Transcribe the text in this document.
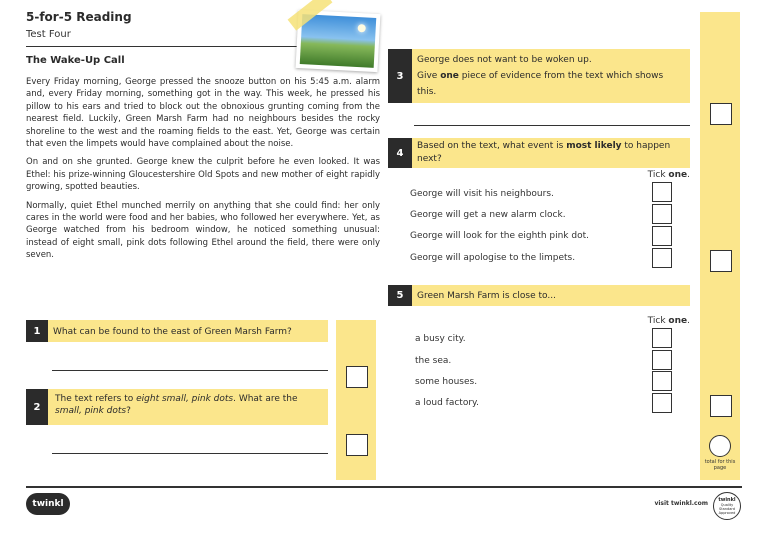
5-for-5 Reading
Test Four
The Wake-Up Call

Every Friday morning, George pressed the snooze button on his 5:45 a.m. alarm and, every Friday morning, something got in the way. This week, he pressed his pillow to his ears and tried to block out the obnoxious grunting coming from the nearest field. Luckily, Green Marsh Farm had no neighbours besides the rocky shoreline to the west and the roaming fields to the east. Yet, George was certain that even the limpets would have complained about the noise.

On and on she grunted. George knew the culprit before he even looked. It was Ethel: his prize-winning Gloucestershire Old Spots and new mother of eight rapidly growing, spotted beauties.

Normally, quiet Ethel munched merrily on anything that she could find: her only cares in the world were food and her babies, who followed her everywhere. Yet, as George watched from his bedroom window, he noticed something unusual: instead of eight small, pink dots following Ethel around the field, there were only seven.

1	What can be found to the east of Green Marsh Farm?
2
The text refers to eight small, pink dots. What are the small, pink dots?
total for this page
3
George does not want to be woken up.
Give one piece of evidence from the text which shows this.
4
Based on the text, what event is most likely to happen next?
Tick one.
George will visit his neighbours.
George will get a new alarm clock.
George will look for the eighth pink dot.
George will apologise to the limpets.
5	Green Marsh Farm is close to...
Tick one.
a busy city.
the sea.
some houses.
a loud factory.
twinkl	visit twinkl.com twinkl
Quality Standard Approved
